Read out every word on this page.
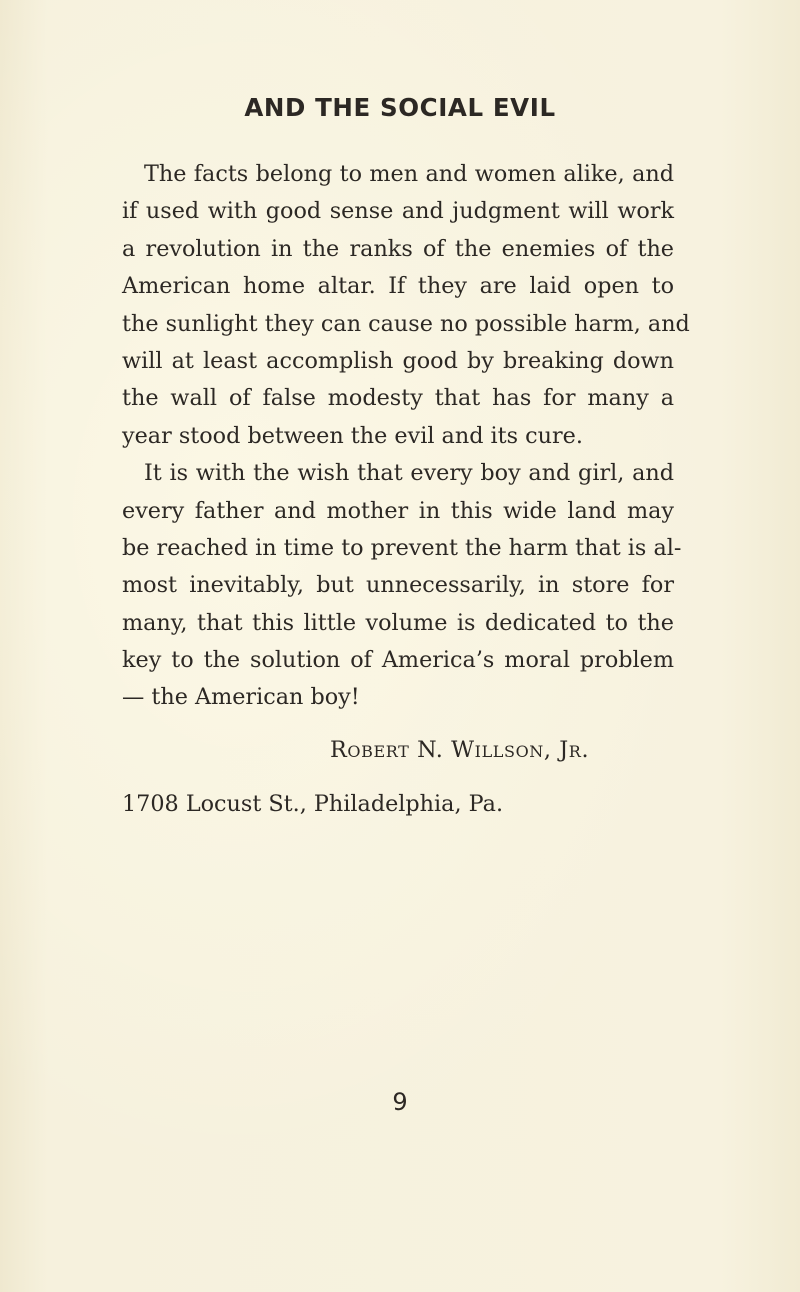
AND THE SOCIAL EVIL
The facts belong to men and women alike, and
if used with good sense and judgment will work
a revolution in the ranks of the enemies of the
American home altar. If they are laid open to
the sunlight they can cause no possible harm, and
will at least accomplish good by breaking down
the wall of false modesty that has for many a
year stood between the evil and its cure.
It is with the wish that every boy and girl, and
every father and mother in this wide land may
be reached in time to prevent the harm that is al-
most inevitably, but unnecessarily, in store for
many, that this little volume is dedicated to the
key to the solution of America’s moral problem
— the American boy!
Robert N. Willson, Jr.
1708 Locust St., Philadelphia, Pa.
9
